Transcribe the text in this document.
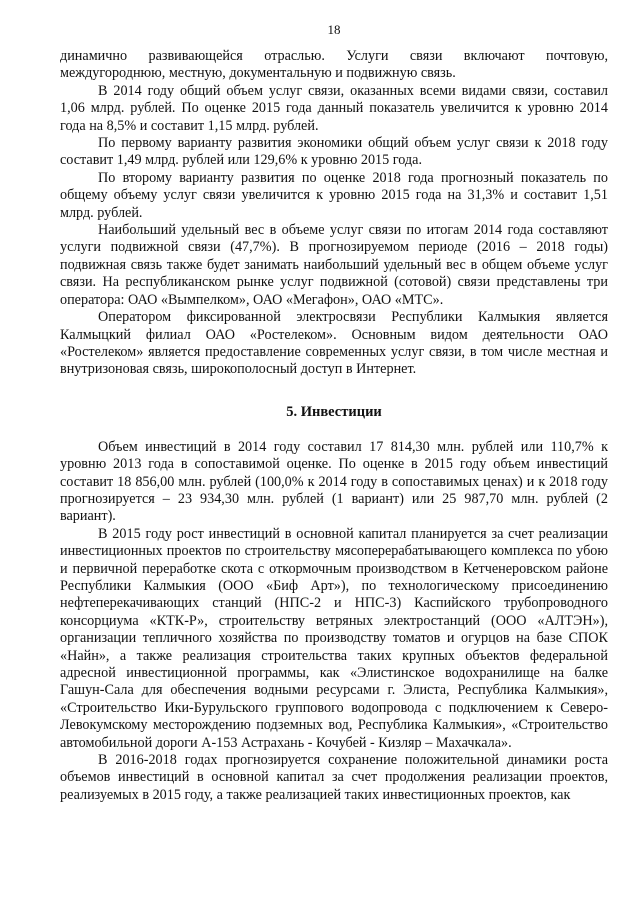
18

динамично развивающейся отраслью. Услуги связи включают почтовую, междугороднюю, местную, документальную и подвижную связь.

В 2014 году общий объем услуг связи, оказанных всеми видами связи, составил 1,06 млрд. рублей. По оценке 2015 года данный показатель увеличится к уровню 2014 года на 8,5% и составит 1,15 млрд. рублей.

По первому варианту развития экономики общий объем услуг связи к 2018 году составит 1,49 млрд. рублей или 129,6% к уровню 2015 года.

По второму варианту развития по оценке 2018 года прогнозный показатель по общему объему услуг связи увеличится к уровню 2015 года на 31,3% и составит 1,51 млрд. рублей.

Наибольший удельный вес в объеме услуг связи по итогам 2014 года составляют услуги подвижной связи (47,7%). В прогнозируемом периоде (2016 – 2018 годы) подвижная связь также будет занимать наибольший удельный вес в общем объеме услуг связи. На республиканском рынке услуг подвижной (сотовой) связи представлены три оператора: ОАО «Вымпелком», ОАО «Мегафон», ОАО «МТС».

Оператором фиксированной электросвязи Республики Калмыкия является Калмыцкий филиал ОАО «Ростелеком». Основным видом деятельности ОАО «Ростелеком» является предоставление современных услуг связи, в том числе местная и внутризоновая связь, широкополосный доступ в Интернет.

5. Инвестиции

Объем инвестиций в 2014 году составил 17 814,30 млн. рублей или 110,7% к уровню 2013 года в сопоставимой оценке. По оценке в 2015 году объем инвестиций составит 18 856,00 млн. рублей (100,0% к 2014 году в сопоставимых ценах) и к 2018 году прогнозируется – 23 934,30 млн. рублей (1 вариант) или 25 987,70 млн. рублей (2 вариант).

В 2015 году рост инвестиций в основной капитал планируется за счет реализации инвестиционных проектов по строительству мясоперерабатывающего комплекса по убою и первичной переработке скота с откормочным производством в Кетченеровском районе Республики Калмыкия (ООО «Биф Арт»), по технологическому присоединению нефтеперекачивающих станций (НПС-2 и НПС-3) Каспийского трубопроводного консорциума «КТК-Р», строительству ветряных электростанций (ООО «АЛТЭН»), организации тепличного хозяйства по производству томатов и огурцов на базе СПОК «Найн», а также реализация строительства таких крупных объектов федеральной адресной инвестиционной программы, как «Элистинское водохранилище на балке Гашун-Сала для обеспечения водными ресурсами г. Элиста, Республика Калмыкия», «Строительство Ики-Бурульского группового водопровода с подключением к Северо-Левокумскому месторождению подземных вод, Республика Калмыкия», «Строительство автомобильной дороги А-153 Астрахань - Кочубей - Кизляр – Махачкала».

В 2016-2018 годах прогнозируется сохранение положительной динамики роста объемов инвестиций в основной капитал за счет продолжения реализации проектов, реализуемых в 2015 году, а также реализацией таких инвестиционных проектов, как
